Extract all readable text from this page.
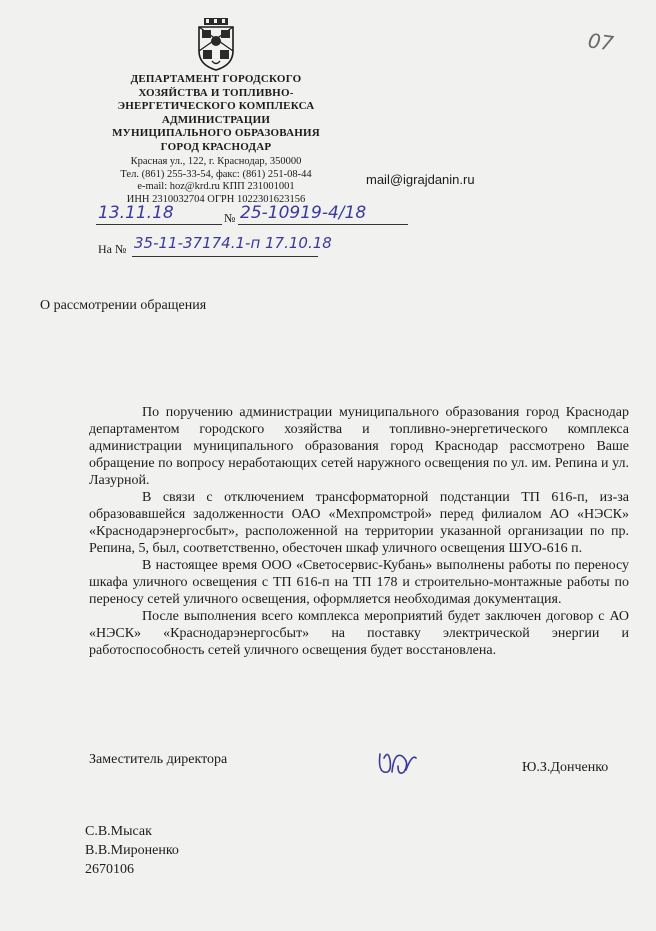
07
ДЕПАРТАМЕНТ ГОРОДСКОГО
ХОЗЯЙСТВА И ТОПЛИВНО-
ЭНЕРГЕТИЧЕСКОГО КОМПЛЕКСА
АДМИНИСТРАЦИИ
МУНИЦИПАЛЬНОГО ОБРАЗОВАНИЯ
ГОРОД КРАСНОДАР
Красная ул., 122, г. Краснодар, 350000
Тел. (861) 255-33-54, факс: (861) 251-08-44
e-mail: hoz@krd.ru КПП 231001001
ИНН 2310032704 ОГРН 1022301623156
mail@igrajdanin.ru
13.11.18	№ 25-10919-4/18
На № 35-11-37174.1-п 17.10.18
О рассмотрении обращения

По поручению администрации муниципального образования город Краснодар департаментом городского хозяйства и топливно-энергетического комплекса администрации муниципального образования город Краснодар рассмотрено Ваше обращение по вопросу неработающих сетей наружного освещения по ул. им. Репина и ул. Лазурной.

В связи с отключением трансформаторной подстанции ТП 616-п, из-за образовавшейся задолженности ОАО «Мехпромстрой» перед филиалом АО «НЭСК» «Краснодарэнергосбыт», расположенной на территории указанной организации по пр. Репина, 5, был, соответственно, обесточен шкаф уличного освещения ШУО-616 п.

В настоящее время ООО «Светосервис-Кубань» выполнены работы по переносу шкафа уличного освещения с ТП 616-п на ТП 178 и строительно-монтажные работы по переносу сетей уличного освещения, оформляется необходимая документация.

После выполнения всего комплекса мероприятий будет заключен договор с АО «НЭСК» «Краснодарэнергосбыт» на поставку электрической энергии и работоспособность сетей уличного освещения будет восстановлена.

Заместитель директора
Ю.З.Донченко
С.В.Мысак
В.В.Мироненко
2670106
